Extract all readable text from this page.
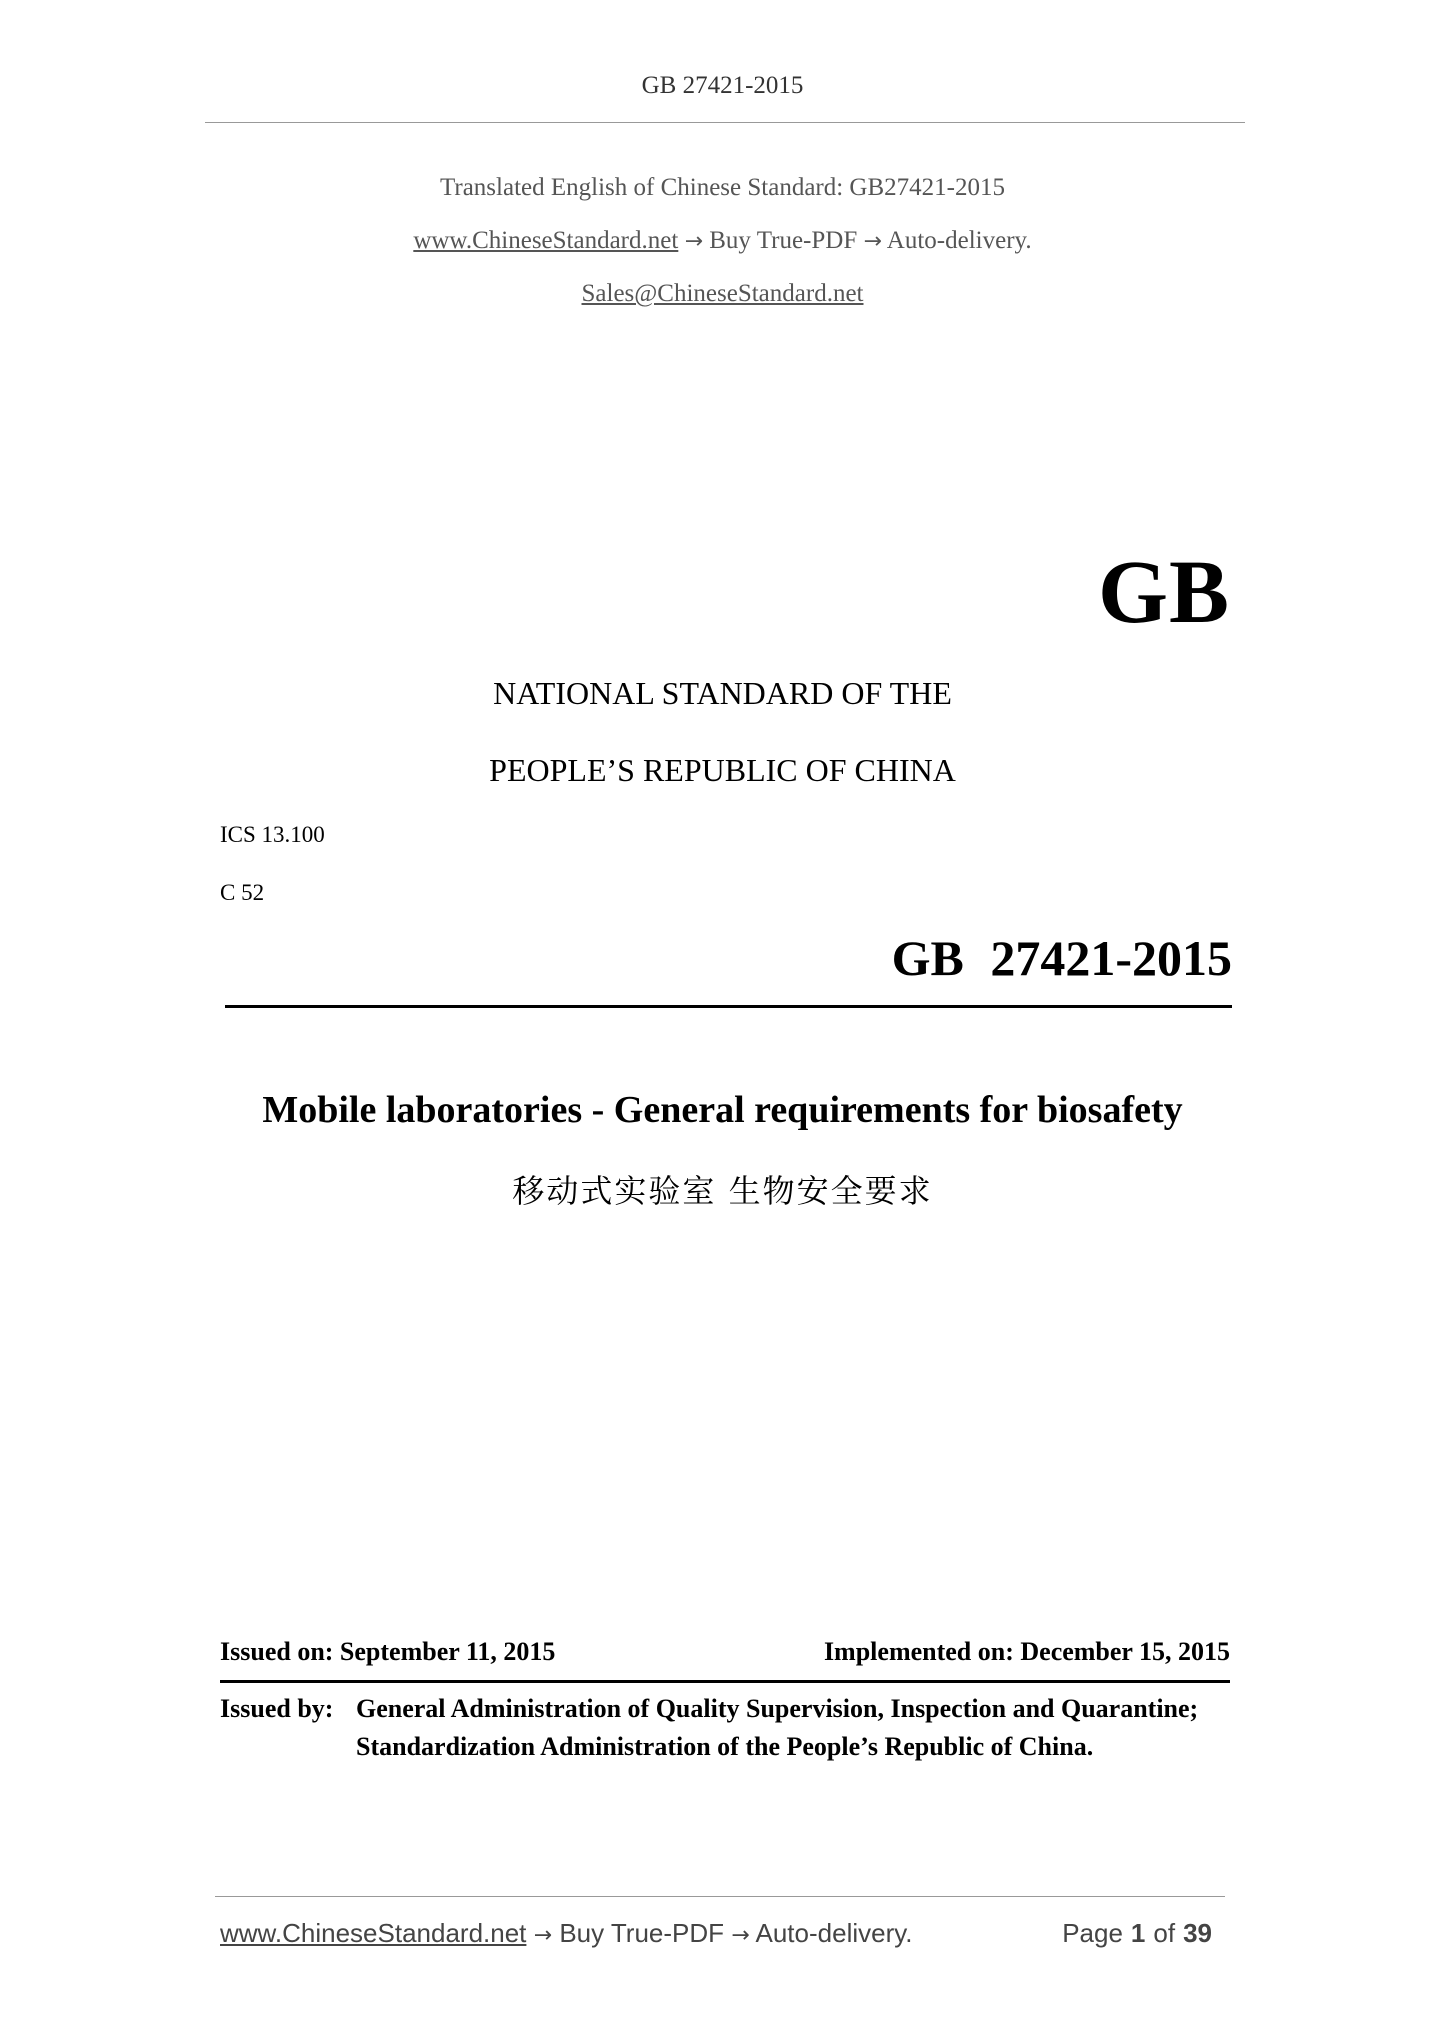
GB 27421-2015
Translated English of Chinese Standard: GB27421-2015
www.ChineseStandard.net → Buy True-PDF → Auto-delivery.
Sales@ChineseStandard.net
GB
NATIONAL STANDARD OF THE
PEOPLE’S REPUBLIC OF CHINA
ICS 13.100
C 52
GB 27421-2015
Mobile laboratories - General requirements for biosafety
移动式实验室 生物安全要求
Issued on: September 11, 2015	Implemented on: December 15, 2015
Issued by: General Administration of Quality Supervision, Inspection and Quarantine;
Standardization Administration of the People’s Republic of China.
www.ChineseStandard.net → Buy True-PDF → Auto-delivery.	Page 1 of 39
